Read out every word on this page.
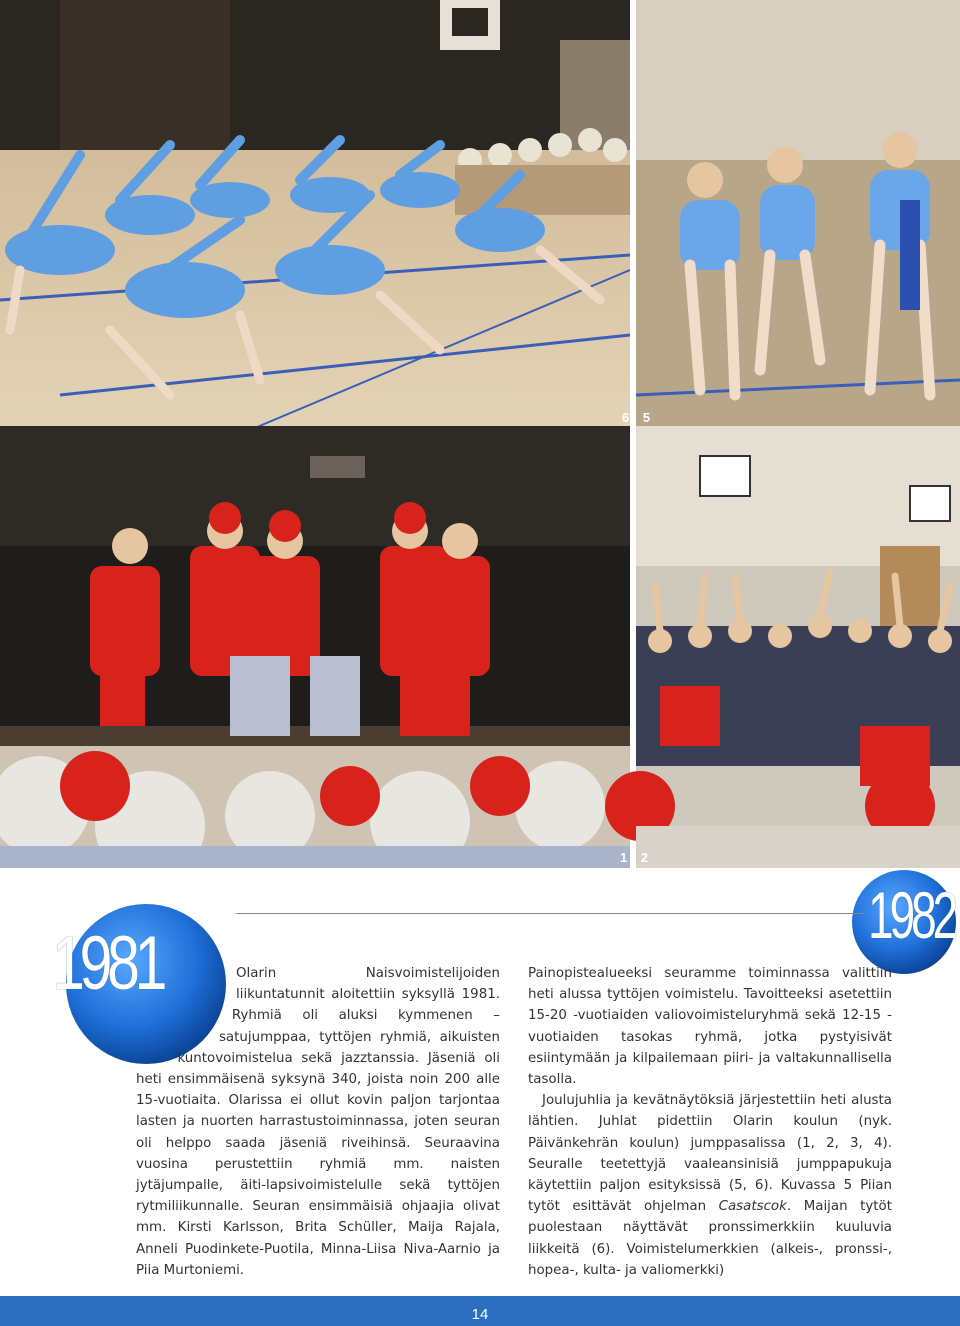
6 5
1 2
1981
1982

Olarin Naisvoimistelijoiden liikuntatunnit aloitettiin syksyllä 1981. Ryhmiä oli aluksi kymmenen – satujumppaa, tyttöjen ryhmiä, aikuisten kuntovoimistelua sekä jazztanssia. Jäseniä oli heti ensimmäisenä syksynä 340, joista noin 200 alle 15-vuotiaita. Olarissa ei ollut kovin paljon tarjontaa lasten ja nuorten harrastustoiminnassa, joten seuran oli helppo saada jäseniä riveihinsä. Seuraavina vuosina perustettiin ryhmiä mm. naisten jytäjumpalle, äiti-lapsivoimistelulle sekä tyttöjen rytmiliikunnalle. Seuran ensimmäisiä ohjaajia olivat mm. Kirsti Karlsson, Brita Schüller, Maija Rajala, Anneli Puodinkete-Puotila, Minna-Liisa Niva-Aarnio ja Piia Murtoniemi.

Painopistealueeksi seuramme toiminnassa valittiin heti alussa tyttöjen voimistelu. Tavoitteeksi asetettiin 15-20 -vuotiaiden valiovoimisteluryhmä sekä 12-15 -vuotiaiden tasokas ryhmä, jotka pystyisivät esiintymään ja kilpailemaan piiri- ja valtakunnallisella tasolla.

Joulujuhlia ja kevätnäytöksiä järjestettiin heti alusta lähtien. Juhlat pidettiin Olarin koulun (nyk. Päivänkehrän koulun) jumppasalissa (1, 2, 3, 4). Seuralle teetettyjä vaaleansinisiä jumppapukuja käytettiin paljon esityksissä (5, 6). Kuvassa 5 Piian tytöt esittävät ohjelman Casatscok. Maijan tytöt puolestaan näyttävät pronssimerkkiin kuuluvia liikkeitä (6). Voimistelumerkkien (alkeis-, pronssi-, hopea-, kulta- ja valiomerkki)

14
